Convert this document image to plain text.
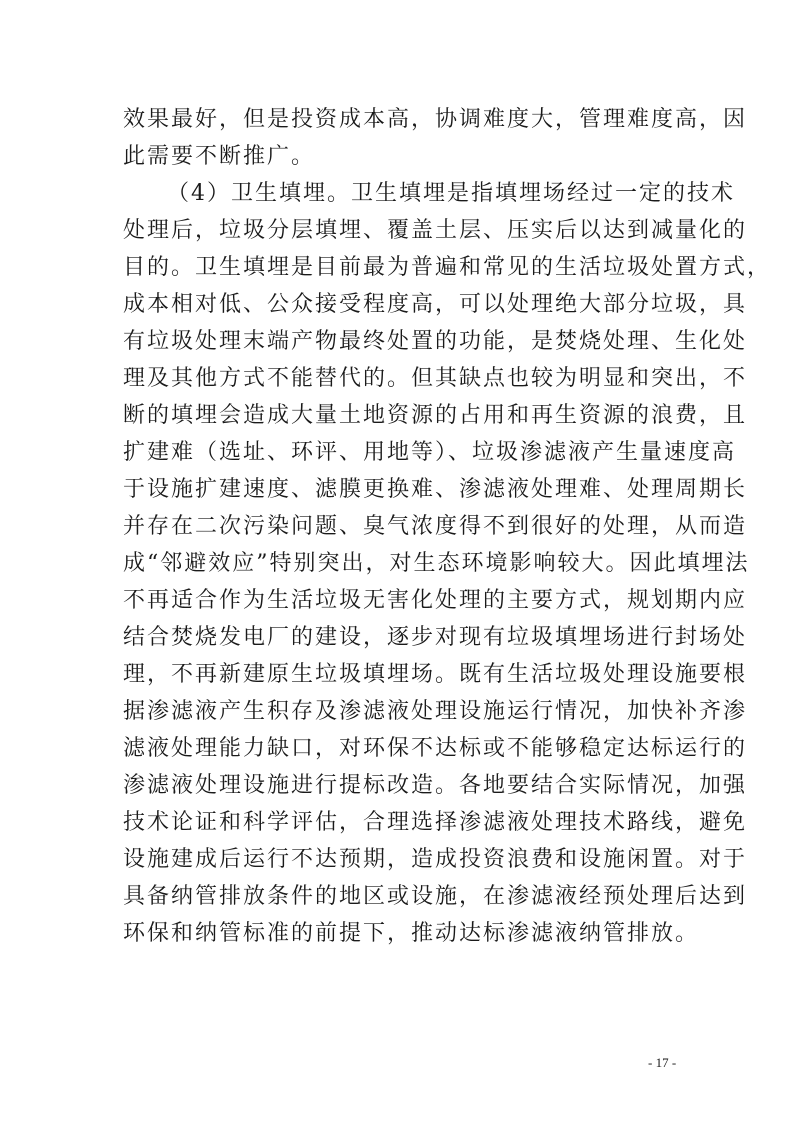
效果最好，但是投资成本高，协调难度大，管理难度高，因
此需要不断推广。
（4）卫生填埋。卫生填埋是指填埋场经过一定的技术
处理后，垃圾分层填埋、覆盖土层、压实后以达到减量化的
目的。卫生填埋是目前最为普遍和常见的生活垃圾处置方式，
成本相对低、公众接受程度高，可以处理绝大部分垃圾，具
有垃圾处理末端产物最终处置的功能，是焚烧处理、生化处
理及其他方式不能替代的。但其缺点也较为明显和突出，不
断的填埋会造成大量土地资源的占用和再生资源的浪费，且
扩建难（选址、环评、用地等）、垃圾渗滤液产生量速度高
于设施扩建速度、滤膜更换难、渗滤液处理难、处理周期长
并存在二次污染问题、臭气浓度得不到很好的处理，从而造
成“邻避效应”特别突出，对生态环境影响较大。因此填埋法
不再适合作为生活垃圾无害化处理的主要方式，规划期内应
结合焚烧发电厂的建设，逐步对现有垃圾填埋场进行封场处
理，不再新建原生垃圾填埋场。既有生活垃圾处理设施要根
据渗滤液产生积存及渗滤液处理设施运行情况，加快补齐渗
滤液处理能力缺口，对环保不达标或不能够稳定达标运行的
渗滤液处理设施进行提标改造。各地要结合实际情况，加强
技术论证和科学评估，合理选择渗滤液处理技术路线，避免
设施建成后运行不达预期，造成投资浪费和设施闲置。对于
具备纳管排放条件的地区或设施，在渗滤液经预处理后达到
环保和纳管标准的前提下，推动达标渗滤液纳管排放。
- 17 -
